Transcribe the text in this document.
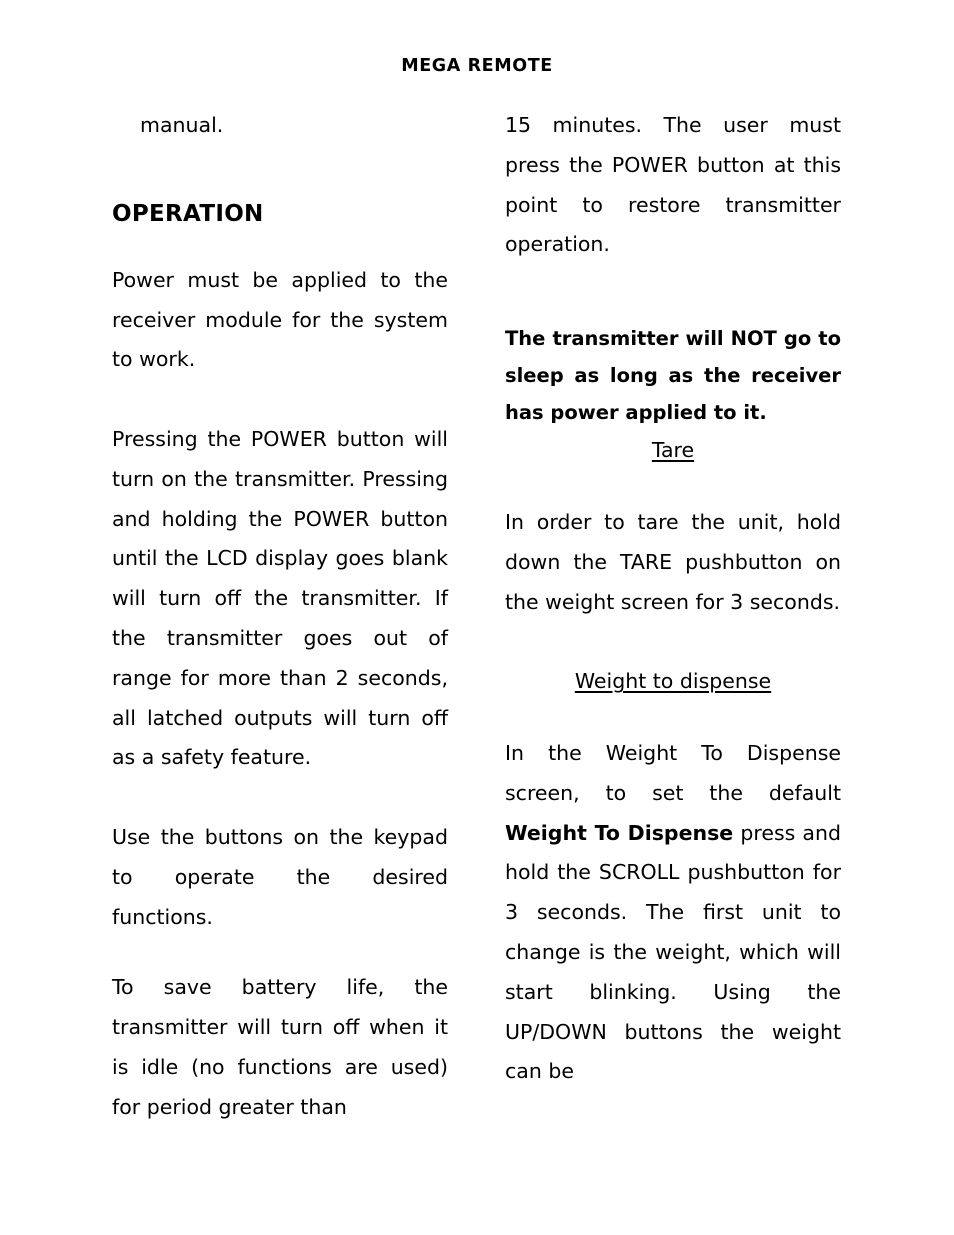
MEGA REMOTE

manual.

OPERATION

Power must be applied to the receiver module for the system to work.

Pressing the POWER button will turn on the transmitter. Pressing and holding the POWER button until the LCD display goes blank will turn off the transmitter. If the transmitter goes out of range for more than 2 seconds, all latched outputs will turn off as a safety feature.

Use the buttons on the keypad to operate the desired functions.

To save battery life, the transmitter will turn off when it is idle (no functions are used) for period greater than

15 minutes. The user must press the POWER button at this point to restore transmitter operation.

The transmitter will NOT go to sleep as long as the receiver has power applied to it.

Tare

In order to tare the unit, hold down the TARE pushbutton on the weight screen for 3 seconds.

Weight to dispense

In the Weight To Dispense screen, to set the default Weight To Dispense press and hold the SCROLL pushbutton for 3 seconds. The first unit to change is the weight, which will start blinking. Using the UP/DOWN buttons the weight can be
